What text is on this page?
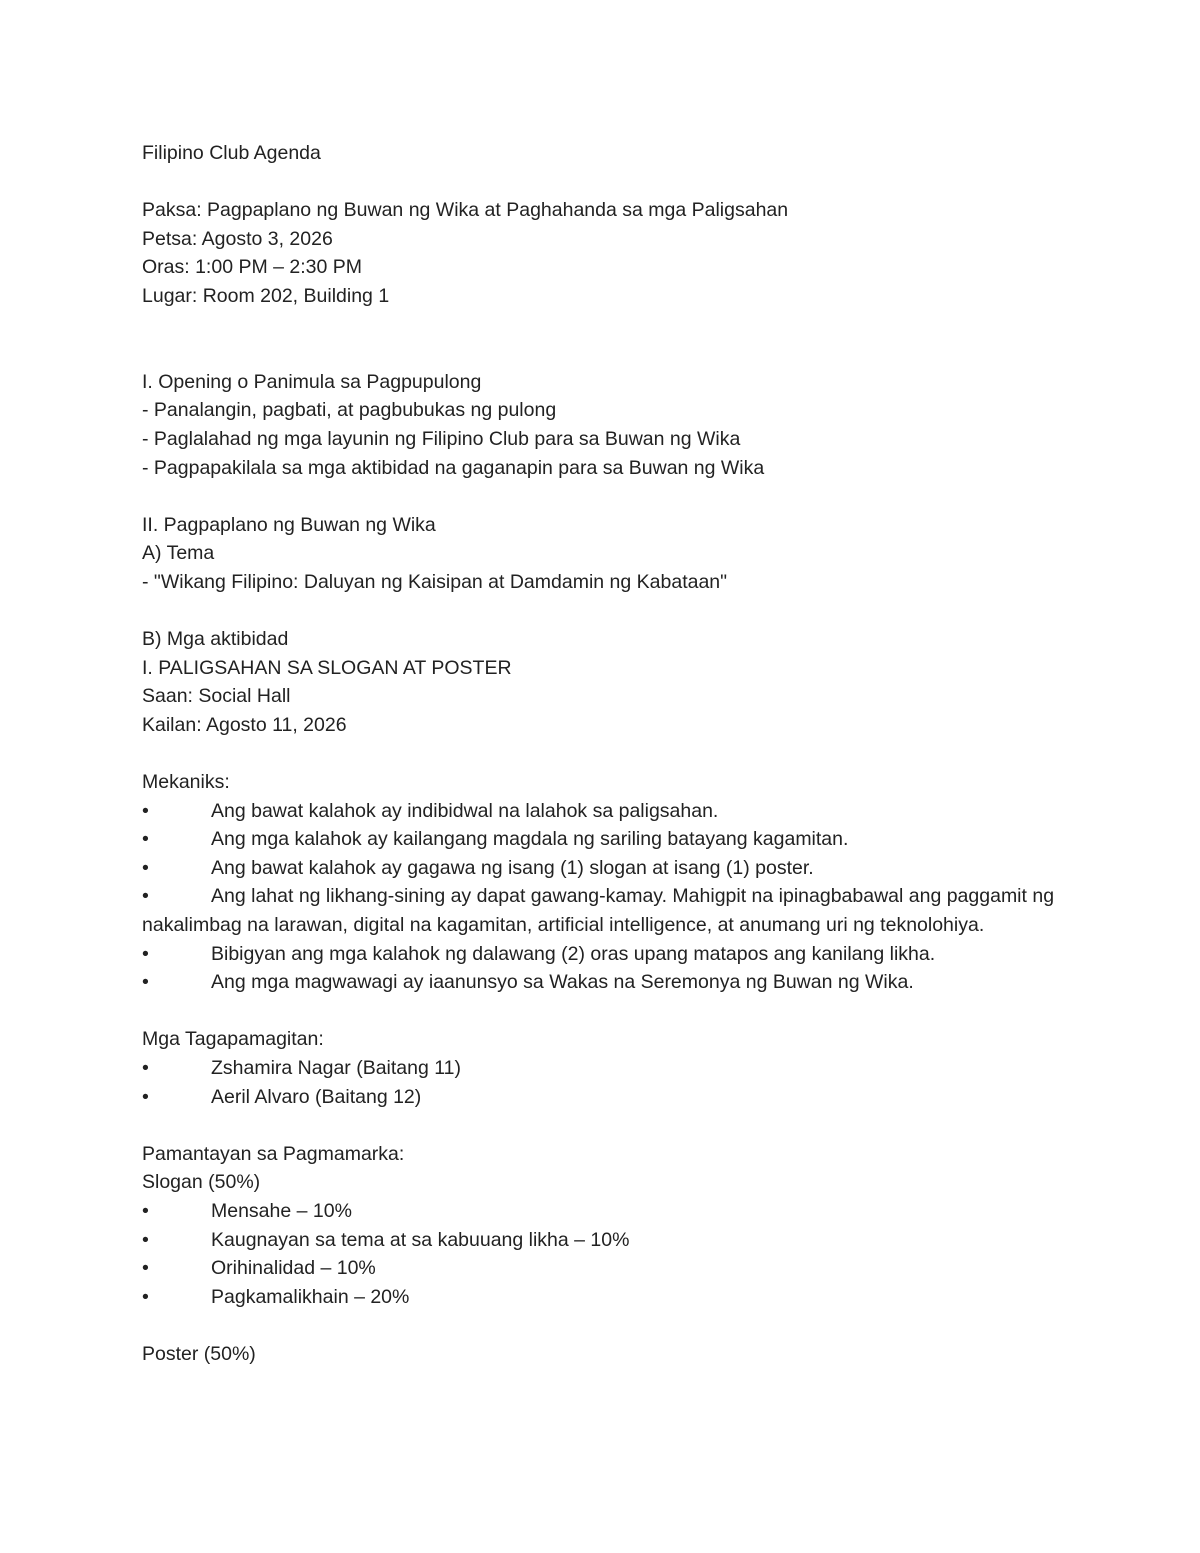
Filipino Club Agenda
Paksa: Pagpaplano ng Buwan ng Wika at Paghahanda sa mga Paligsahan
Petsa: Agosto 3, 2026
Oras: 1:00 PM – 2:30 PM
Lugar: Room 202, Building 1
I. Opening o Panimula sa Pagpupulong
- Panalangin, pagbati, at pagbubukas ng pulong
- Paglalahad ng mga layunin ng Filipino Club para sa Buwan ng Wika
- Pagpapakilala sa mga aktibidad na gaganapin para sa Buwan ng Wika
II. Pagpaplano ng Buwan ng Wika
A) Tema
- "Wikang Filipino: Daluyan ng Kaisipan at Damdamin ng Kabataan"
B) Mga aktibidad
I. PALIGSAHAN SA SLOGAN AT POSTER
Saan: Social Hall
Kailan: Agosto 11, 2026
Mekaniks:
•	Ang bawat kalahok ay indibidwal na lalahok sa paligsahan.
•	Ang mga kalahok ay kailangang magdala ng sariling batayang kagamitan.
•	Ang bawat kalahok ay gagawa ng isang (1) slogan at isang (1) poster.
•	Ang lahat ng likhang-sining ay dapat gawang-kamay. Mahigpit na ipinagbabawal ang paggamit ng nakalimbag na larawan, digital na kagamitan, artificial intelligence, at anumang uri ng teknolohiya.
•	Bibigyan ang mga kalahok ng dalawang (2) oras upang matapos ang kanilang likha.
•	Ang mga magwawagi ay iaanunsyo sa Wakas na Seremonya ng Buwan ng Wika.
Mga Tagapamagitan:
•	Zshamira Nagar (Baitang 11)
•	Aeril Alvaro (Baitang 12)
Pamantayan sa Pagmamarka:
Slogan (50%)
•	Mensahe – 10%
•	Kaugnayan sa tema at sa kabuuang likha – 10%
•	Orihinalidad – 10%
•	Pagkamalikhain – 20%
Poster (50%)
